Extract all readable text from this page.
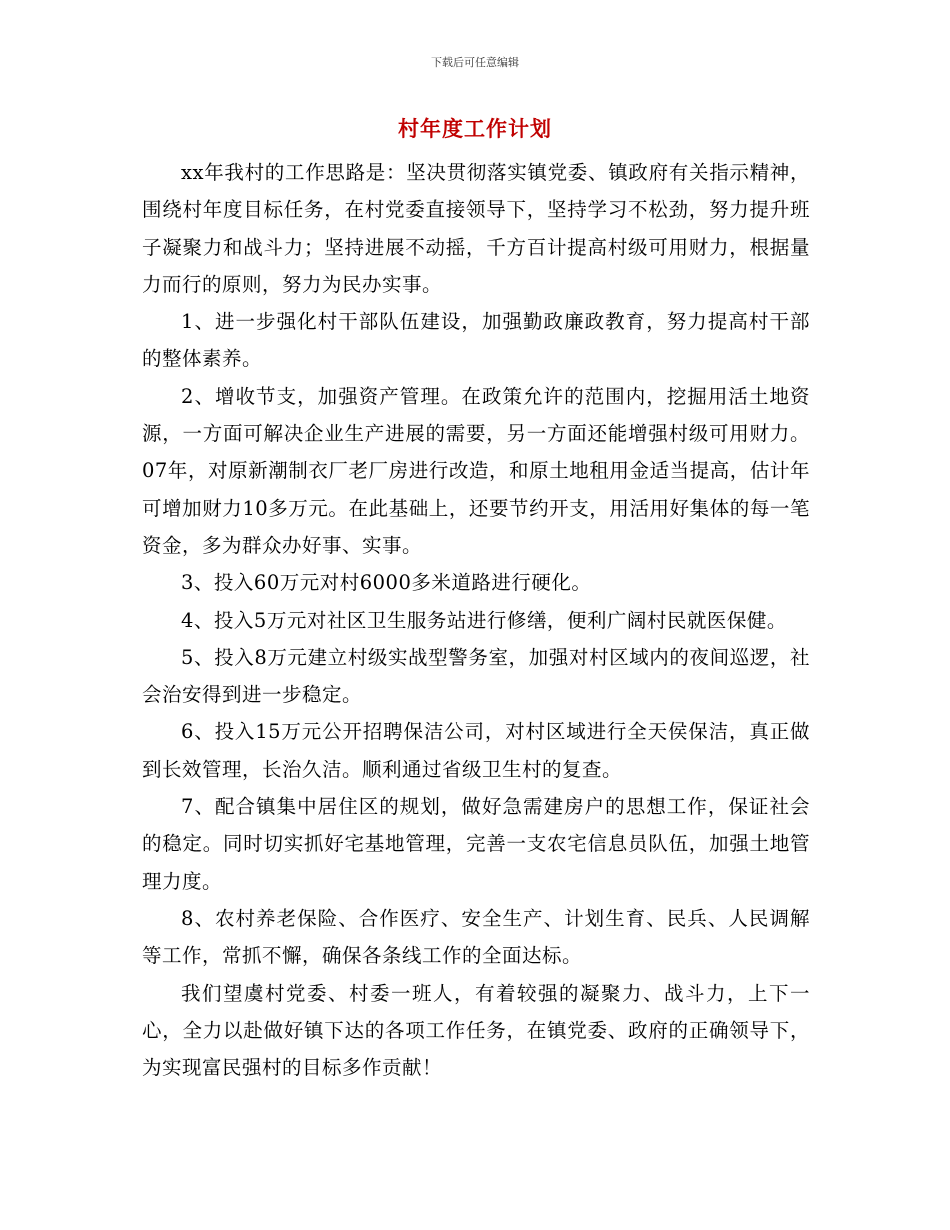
下载后可任意编辑
村年度工作计划

xx年我村的工作思路是：坚决贯彻落实镇党委、镇政府有关指示精神，围绕村年度目标任务，在村党委直接领导下，坚持学习不松劲，努力提升班子凝聚力和战斗力；坚持进展不动摇，千方百计提高村级可用财力，根据量力而行的原则，努力为民办实事。

1、进一步强化村干部队伍建设，加强勤政廉政教育，努力提高村干部的整体素养。

2、增收节支，加强资产管理。在政策允许的范围内，挖掘用活土地资源，一方面可解决企业生产进展的需要，另一方面还能增强村级可用财力。07年，对原新潮制衣厂老厂房进行改造，和原土地租用金适当提高，估计年可增加财力10多万元。在此基础上，还要节约开支，用活用好集体的每一笔资金，多为群众办好事、实事。

3、投入60万元对村6000多米道路进行硬化。

4、投入5万元对社区卫生服务站进行修缮，便利广阔村民就医保健。

5、投入8万元建立村级实战型警务室，加强对村区域内的夜间巡逻，社会治安得到进一步稳定。

6、投入15万元公开招聘保洁公司，对村区域进行全天侯保洁，真正做到长效管理，长治久洁。顺利通过省级卫生村的复查。

7、配合镇集中居住区的规划，做好急需建房户的思想工作，保证社会的稳定。同时切实抓好宅基地管理，完善一支农宅信息员队伍，加强土地管理力度。

8、农村养老保险、合作医疗、安全生产、计划生育、民兵、人民调解等工作，常抓不懈，确保各条线工作的全面达标。

我们望虞村党委、村委一班人，有着较强的凝聚力、战斗力，上下一心，全力以赴做好镇下达的各项工作任务，在镇党委、政府的正确领导下，为实现富民强村的目标多作贡献！
